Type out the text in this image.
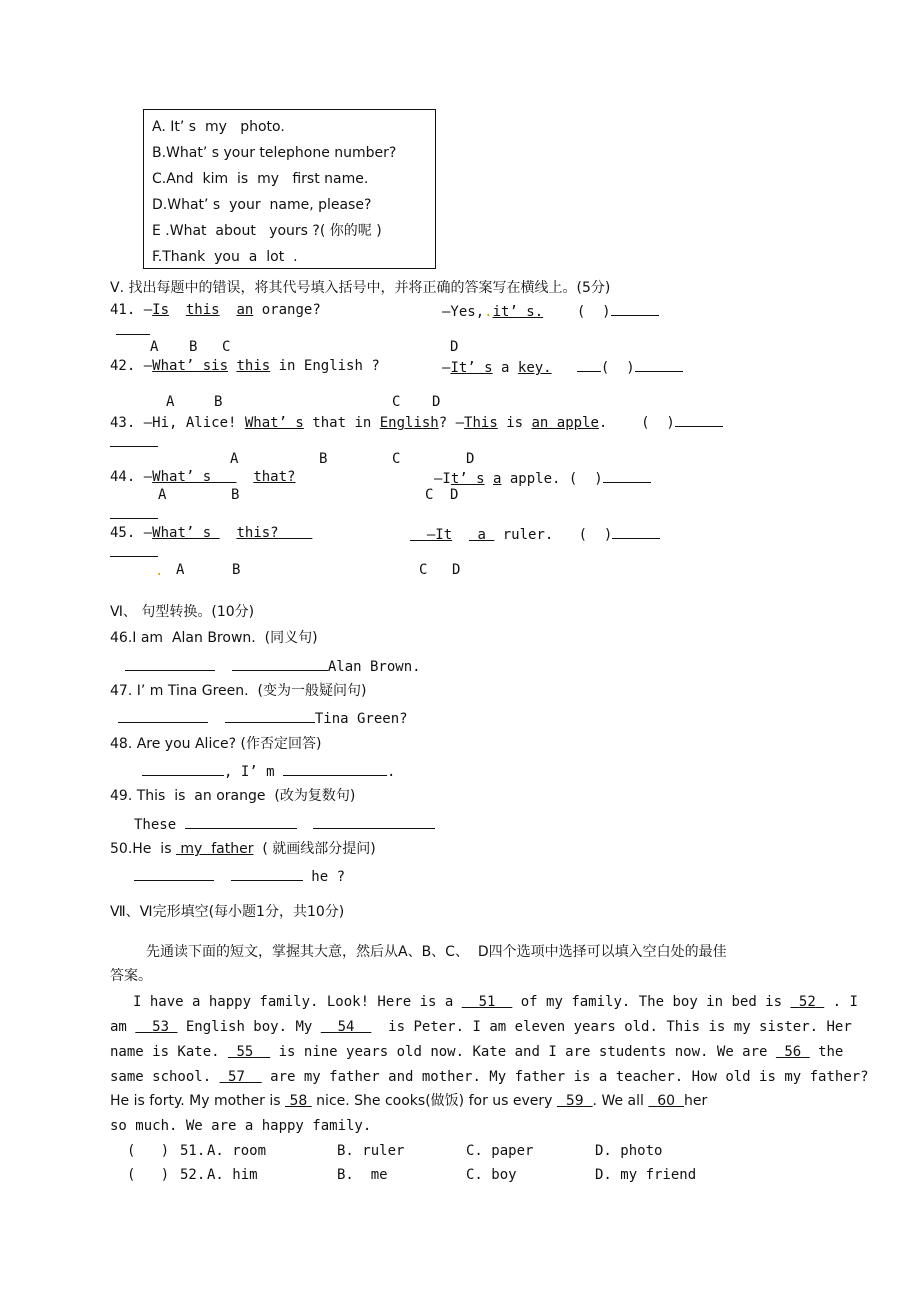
A. It’ s  my   photo.
B.What’ s your telephone number?
C.And  kim  is  my   first name.
D.What’ s  your  name, please?
E .What  about   yours ?( 你的呢 )
F.Thank  you  a  lot  .
Ⅴ. 找出每题中的错误，将其代号填入括号中，并将正确的答案写在横线上。(5分)
41. —Is this an orange?	—Yes,.it’ s. (  )
A B C	D
42. —What’ sis this in English ?	—It’ s a key.	(  )
A	B	C D
43. —Hi, Alice! What’ s that in English? —This is an apple. (  )
A	B	C	D
44. —What’ s	that?	—It’ s a apple. (  )
A	B	C D
45. —What’ s this?	—It a  ruler. (  )
. A	B	C D
Ⅵ、 句型转换。(10分)
46.I am  Alan Brown.  (同义句)
Alan Brown.
47. I’ m Tina Green.  (变为一般疑问句)
Tina Green?
48. Are you Alice? (作否定回答)
, I’ m	.
49. This  is  an orange  (改为复数句)
These
50.He  is  my  father  ( 就画线部分提问)
he ?
Ⅶ、Ⅵ完形填空(每小题1分，共10分)
先通读下面的短文，掌握其大意，然后从A、B、C、  D四个选项中选择可以填入空白处的最佳
答案。
I have a happy family. Look! Here is a   51   of my family. The boy in bed is  52  . I
am   53  English boy. My   54    is Peter. I am eleven years old. This is my sister. Her
name is Kate.  55   is nine years old now. Kate and I are students now. We are  56  the
same school.  57   are my father and mother. My father is a teacher. How old is my father?
He is forty. My mother is  58  nice. She cooks(做饭) for us every   59 . We all   60 her
so much. We are a happy family.
(   ) 51. A. room	B. ruler	C. paper	D. photo
(   ) 52. A. him	B.  me	C. boy	D. my friend
